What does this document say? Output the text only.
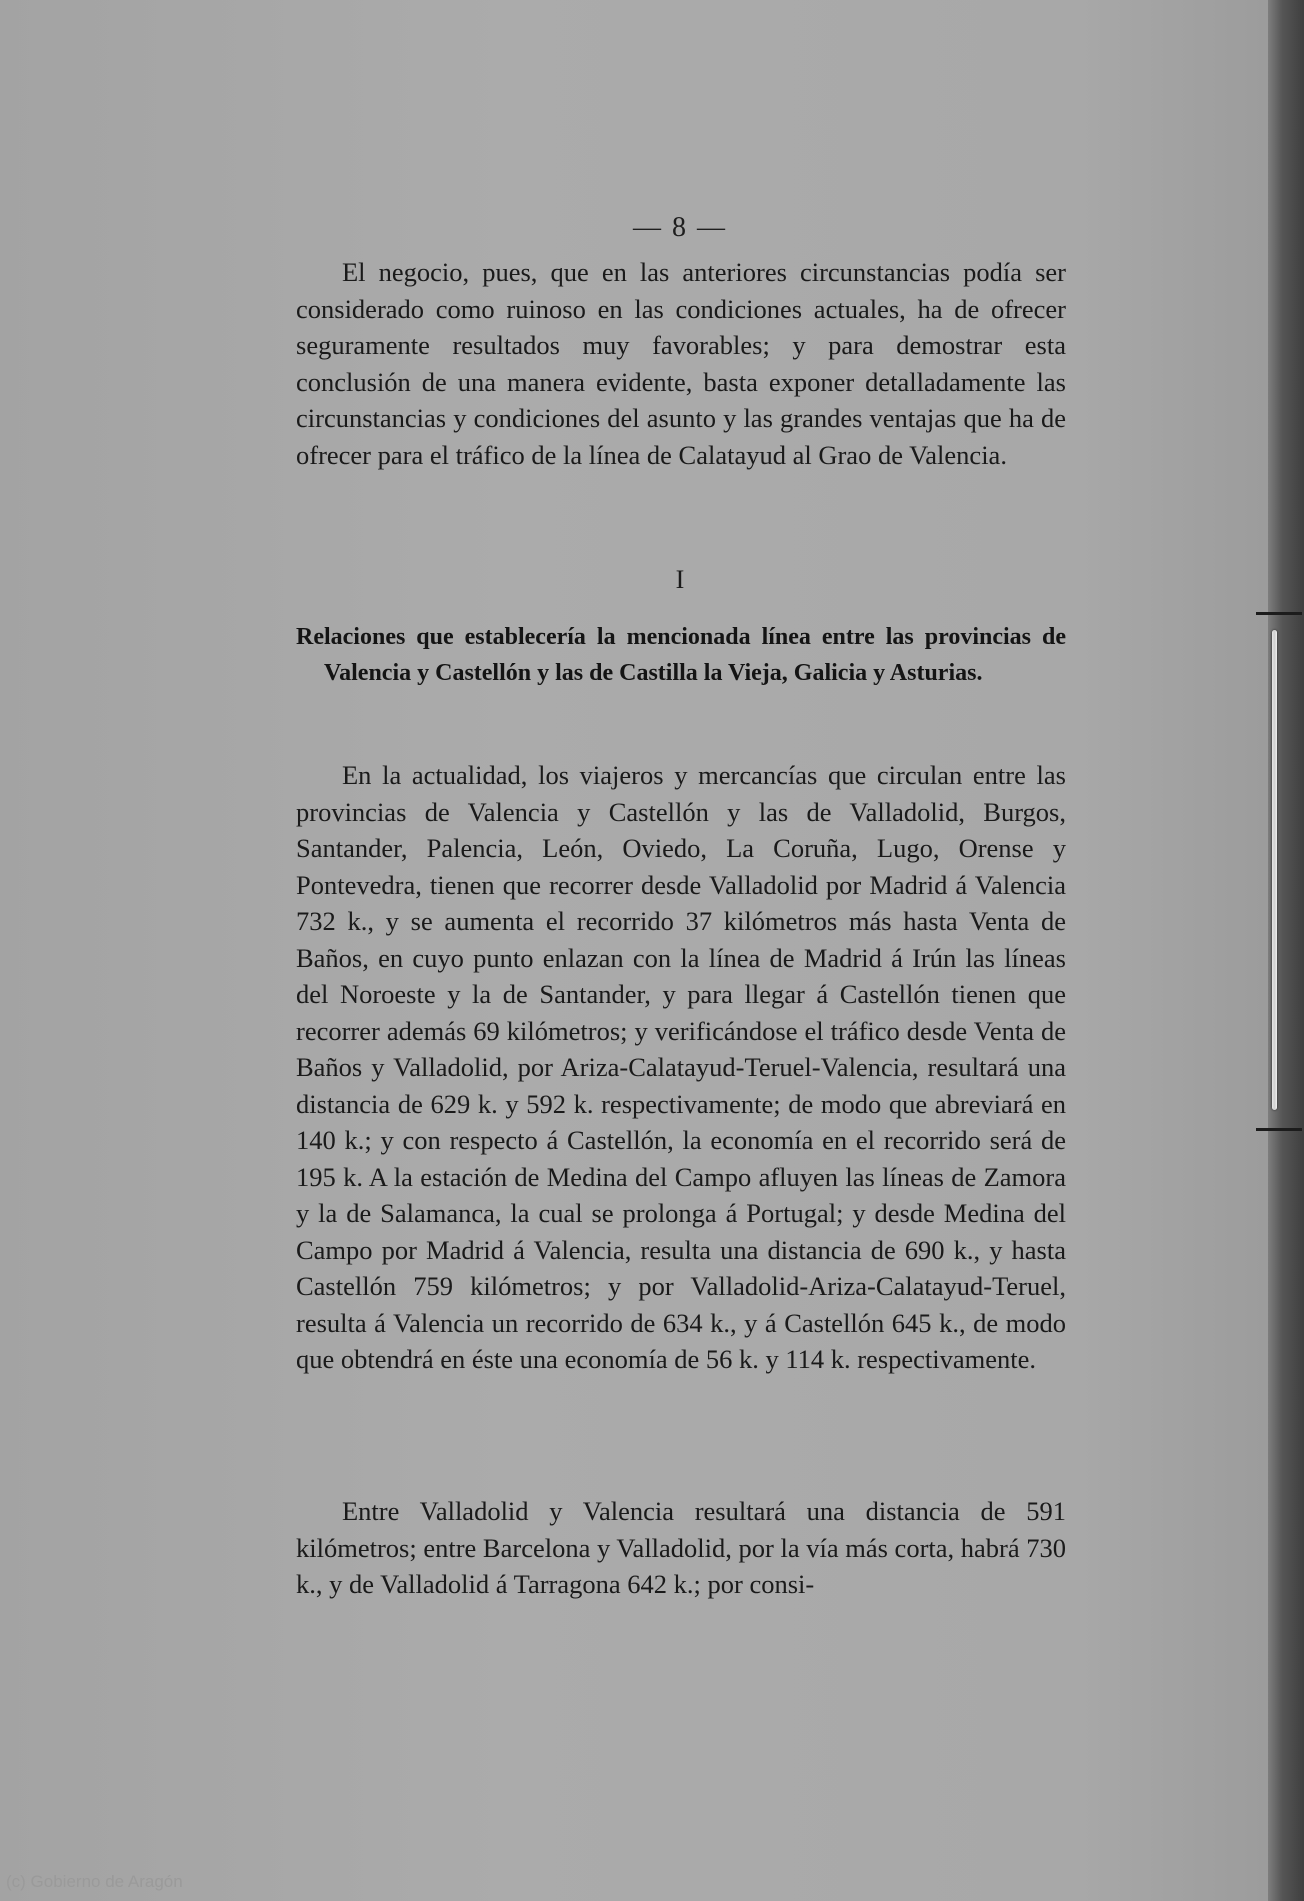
— 8 —

El negocio, pues, que en las anteriores circunstancias podía ser considerado como ruinoso en las condiciones actuales, ha de ofrecer seguramente resultados muy favorables; y para demostrar esta conclusión de una manera evidente, basta exponer detalladamente las circunstancias y condiciones del asunto y las grandes ventajas que ha de ofrecer para el tráfico de la línea de Calatayud al Grao de Valencia.

I
Relaciones que establecería la mencionada línea entre las provincias de Valencia y Castellón y las de Castilla la Vieja, Galicia y Asturias.

En la actualidad, los viajeros y mercancías que circulan entre las provincias de Valencia y Castellón y las de Valladolid, Burgos, Santander, Palencia, León, Oviedo, La Coruña, Lugo, Orense y Pontevedra, tienen que recorrer desde Valladolid por Madrid á Valencia 732 k., y se aumenta el recorrido 37 kilómetros más hasta Venta de Baños, en cuyo punto enlazan con la línea de Madrid á Irún las líneas del Noroeste y la de Santander, y para llegar á Castellón tienen que recorrer además 69 kilómetros; y verificándose el tráfico desde Venta de Baños y Valladolid, por Ariza-Calatayud-Teruel-Valencia, resultará una distancia de 629 k. y 592 k. respectivamente; de modo que abreviará en 140 k.; y con respecto á Castellón, la economía en el recorrido será de 195 k. A la estación de Medina del Campo afluyen las líneas de Zamora y la de Salamanca, la cual se prolonga á Portugal; y desde Medina del Campo por Madrid á Valencia, resulta una distancia de 690 k., y hasta Castellón 759 kilómetros; y por Valladolid-Ariza-Calatayud-Teruel, resulta á Valencia un recorrido de 634 k., y á Castellón 645 k., de modo que obtendrá en éste una economía de 56 k. y 114 k. respectivamente.

Entre Valladolid y Valencia resultará una distancia de 591 kilómetros; entre Barcelona y Valladolid, por la vía más corta, habrá 730 k., y de Valladolid á Tarragona 642 k.; por consi-

(c) Gobierno de Aragón
